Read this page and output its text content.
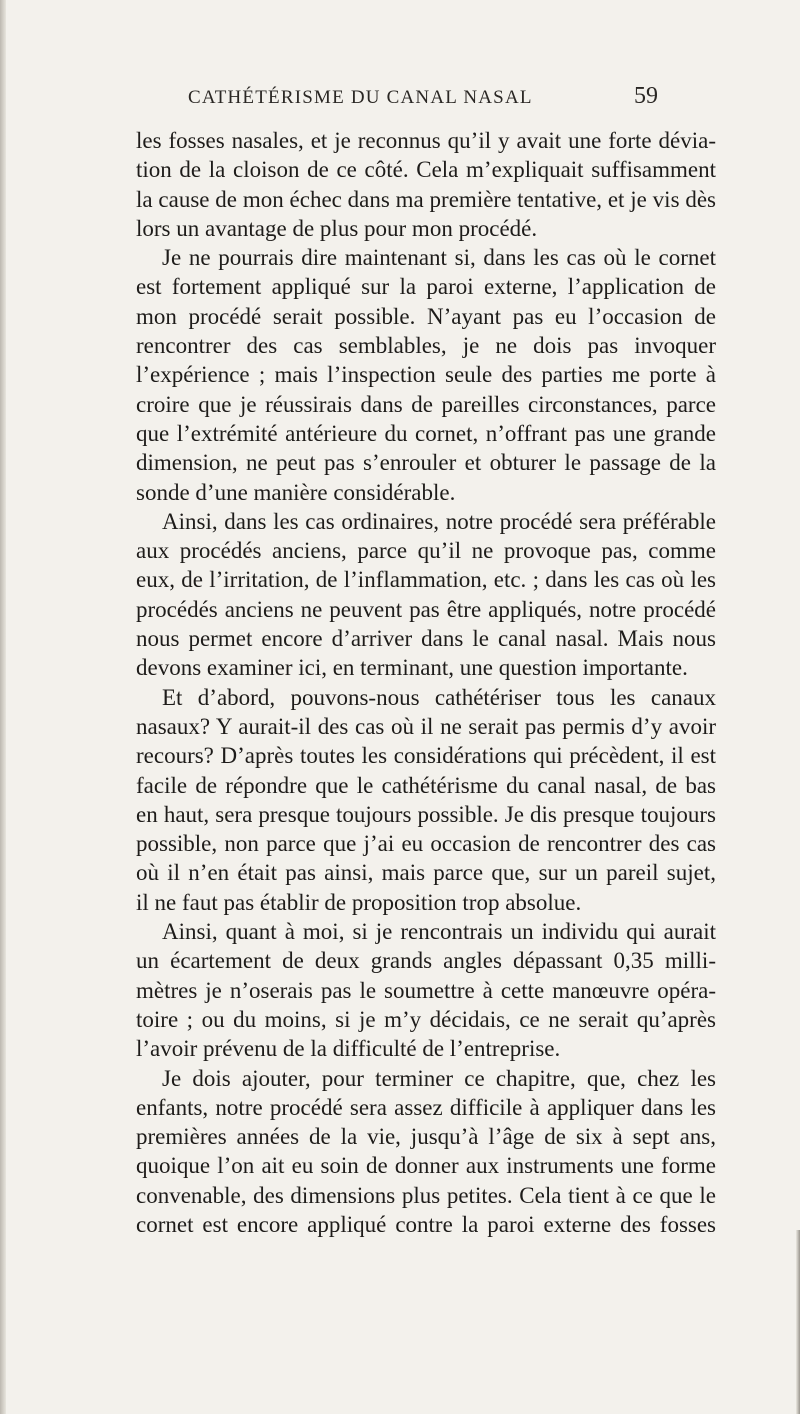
CATHÉTÉRISME DU CANAL NASAL	59
les fosses nasales, et je reconnus qu’il y avait une forte dévia-
tion de la cloison de ce côté. Cela m’expliquait suffisamment
la cause de mon échec dans ma première tentative, et je vis dès
lors un avantage de plus pour mon procédé.
Je ne pourrais dire maintenant si, dans les cas où le cornet
est fortement appliqué sur la paroi externe, l’application de
mon procédé serait possible. N’ayant pas eu l’occasion de
rencontrer des cas semblables, je ne dois pas invoquer
l’expérience ; mais l’inspection seule des parties me porte à
croire que je réussirais dans de pareilles circonstances, parce
que l’extrémité antérieure du cornet, n’offrant pas une grande
dimension, ne peut pas s’enrouler et obturer le passage de la
sonde d’une manière considérable.
Ainsi, dans les cas ordinaires, notre procédé sera préférable
aux procédés anciens, parce qu’il ne provoque pas, comme
eux, de l’irritation, de l’inflammation, etc. ; dans les cas où les
procédés anciens ne peuvent pas être appliqués, notre procédé
nous permet encore d’arriver dans le canal nasal. Mais nous
devons examiner ici, en terminant, une question importante.
Et d’abord, pouvons-nous cathétériser tous les canaux
nasaux? Y aurait-il des cas où il ne serait pas permis d’y avoir
recours? D’après toutes les considérations qui précèdent, il est
facile de répondre que le cathétérisme du canal nasal, de bas
en haut, sera presque toujours possible. Je dis presque toujours
possible, non parce que j’ai eu occasion de rencontrer des cas
où il n’en était pas ainsi, mais parce que, sur un pareil sujet,
il ne faut pas établir de proposition trop absolue.
Ainsi, quant à moi, si je rencontrais un individu qui aurait
un écartement de deux grands angles dépassant 0,35 milli-
mètres je n’oserais pas le soumettre à cette manœuvre opéra-
toire ; ou du moins, si je m’y décidais, ce ne serait qu’après
l’avoir prévenu de la difficulté de l’entreprise.
Je dois ajouter, pour terminer ce chapitre, que, chez les
enfants, notre procédé sera assez difficile à appliquer dans les
premières années de la vie, jusqu’à l’âge de six à sept ans,
quoique l’on ait eu soin de donner aux instruments une forme
convenable, des dimensions plus petites. Cela tient à ce que le
cornet est encore appliqué contre la paroi externe des fosses
